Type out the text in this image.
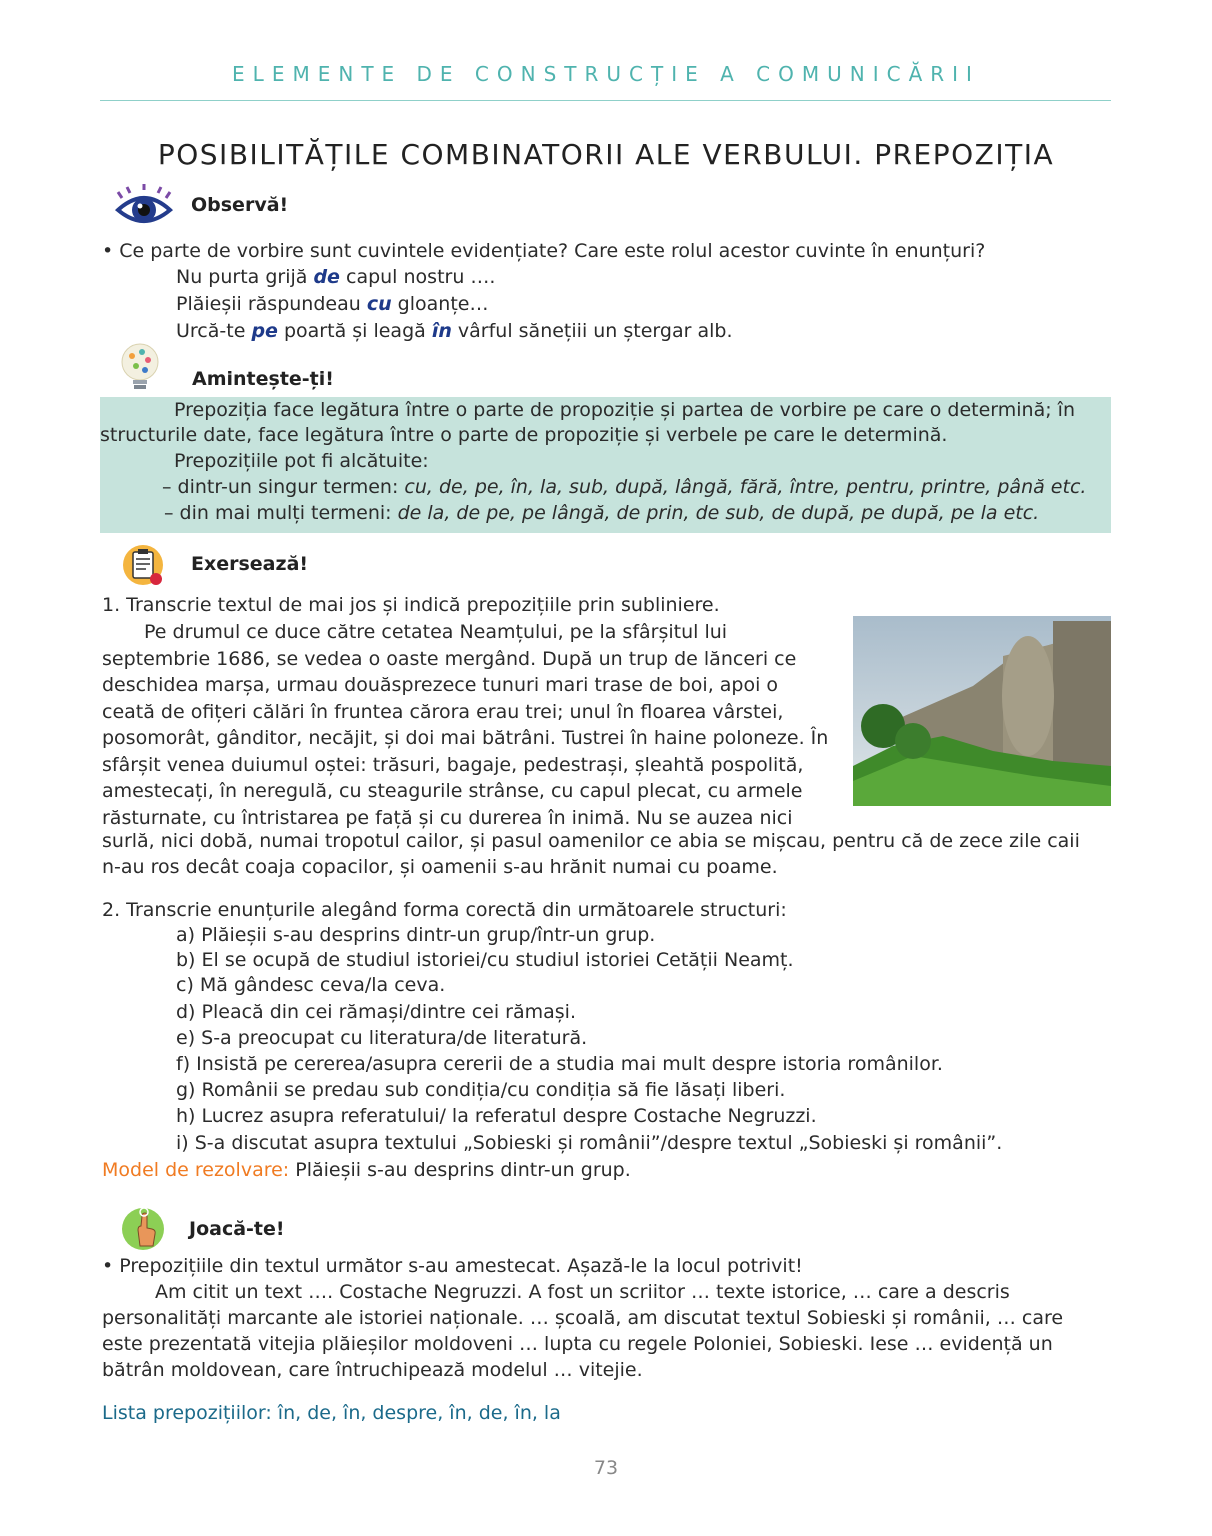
ELEMENTE DE CONSTRUCȚIE A COMUNICĂRII
POSIBILITĂȚILE COMBINATORII ALE VERBULUI. PREPOZIȚIA
Observă!
• Ce parte de vorbire sunt cuvintele evidențiate? Care este rolul acestor cuvinte în enunțuri?
Nu purta grijă de capul nostru ….
Plăieșii răspundeau cu gloanțe…
Urcă-te pe poartă și leagă în vârful sănețiii un ștergar alb.
Amintește-ți!
Prepoziția face legătura între o parte de propoziție și partea de vorbire pe care o determină; în
structurile date, face legătura între o parte de propoziție și verbele pe care le determină.
Prepozițiile pot fi alcătuite:
– dintr-un singur termen: cu, de, pe, în, la, sub, după, lângă, fără, între, pentru, printre, până etc.
– din mai mulți termeni: de la, de pe, pe lângă, de prin, de sub, de după, pe după, pe la etc.
Exersează!
1. Transcrie textul de mai jos și indică prepozițiile prin subliniere.
Pe drumul ce duce către cetatea Neamțului, pe la sfârșitul lui
septembrie 1686, se vedea o oaste mergând. După un trup de lănceri ce
deschidea marșa, urmau douăsprezece tunuri mari trase de boi, apoi o
ceată de ofițeri călări în fruntea cărora erau trei; unul în floarea vârstei,
posomorât, gânditor, necăjit, și doi mai bătrâni. Tustrei în haine poloneze. În
sfârșit venea duiumul oștei: trăsuri, bagaje, pedestrași, șleahtă pospolită,
amestecați, în neregulă, cu steagurile strânse, cu capul plecat, cu armele
răsturnate, cu întristarea pe față și cu durerea în inimă. Nu se auzea nici
surlă, nici dobă, numai tropotul cailor, și pasul oamenilor ce abia se mișcau, pentru că de zece zile caii
n-au ros decât coaja copacilor, și oamenii s-au hrănit numai cu poame.
2. Transcrie enunțurile alegând forma corectă din următoarele structuri:
a) Plăieșii s-au desprins dintr-un grup/într-un grup.
b) El se ocupă de studiul istoriei/cu studiul istoriei Cetății Neamț.
c) Mă gândesc ceva/la ceva.
d) Pleacă din cei rămași/dintre cei rămași.
e) S-a preocupat cu literatura/de literatură.
f) Insistă pe cererea/asupra cererii de a studia mai mult despre istoria românilor.
g) Românii se predau sub condiția/cu condiția să fie lăsați liberi.
h) Lucrez asupra referatului/ la referatul despre Costache Negruzzi.
i) S-a discutat asupra textului „Sobieski și românii”/despre textul „Sobieski și românii”.
Model de rezolvare: Plăieșii s-au desprins dintr-un grup.
Joacă-te!
• Prepozițiile din textul următor s-au amestecat. Așază-le la locul potrivit!
Am citit un text …. Costache Negruzzi. A fost un scriitor … texte istorice, … care a descris
personalități marcante ale istoriei naționale. … școală, am discutat textul Sobieski și românii, … care
este prezentată vitejia plăieșilor moldoveni … lupta cu regele Poloniei, Sobieski. Iese … evidență un
bătrân moldovean, care întruchipează modelul … vitejie.
Lista prepozițiilor: în, de, în, despre, în, de, în, la
73
